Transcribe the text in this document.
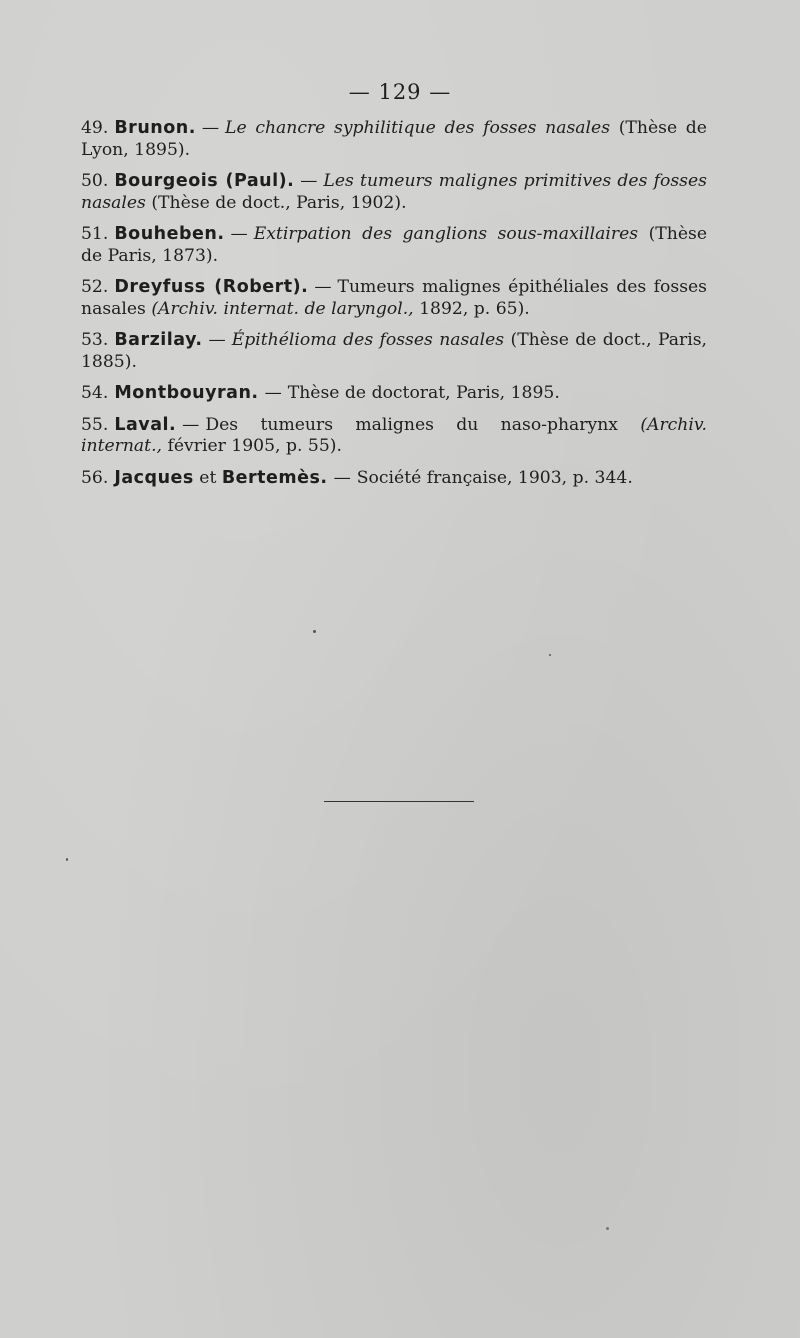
— 129 —

49. Brunon. — Le chancre syphilitique des fosses nasales (Thèse de Lyon, 1895).

50. Bourgeois (Paul). — Les tumeurs malignes primitives des fosses nasales (Thèse de doct., Paris, 1902).

51. Bouheben. — Extirpation des ganglions sous-maxillaires (Thèse de Paris, 1873).

52. Dreyfuss (Robert). — Tumeurs malignes épithéliales des fosses nasales (Archiv. internat. de laryngol., 1892, p. 65).

53. Barzilay. — Épithélioma des fosses nasales (Thèse de doct., Paris, 1885).

54. Montbouyran. — Thèse de doctorat, Paris, 1895.

55. Laval. — Des tumeurs malignes du naso-pharynx (Archiv. internat., février 1905, p. 55).

56. Jacques et Bertemès. — Société française, 1903, p. 344.
